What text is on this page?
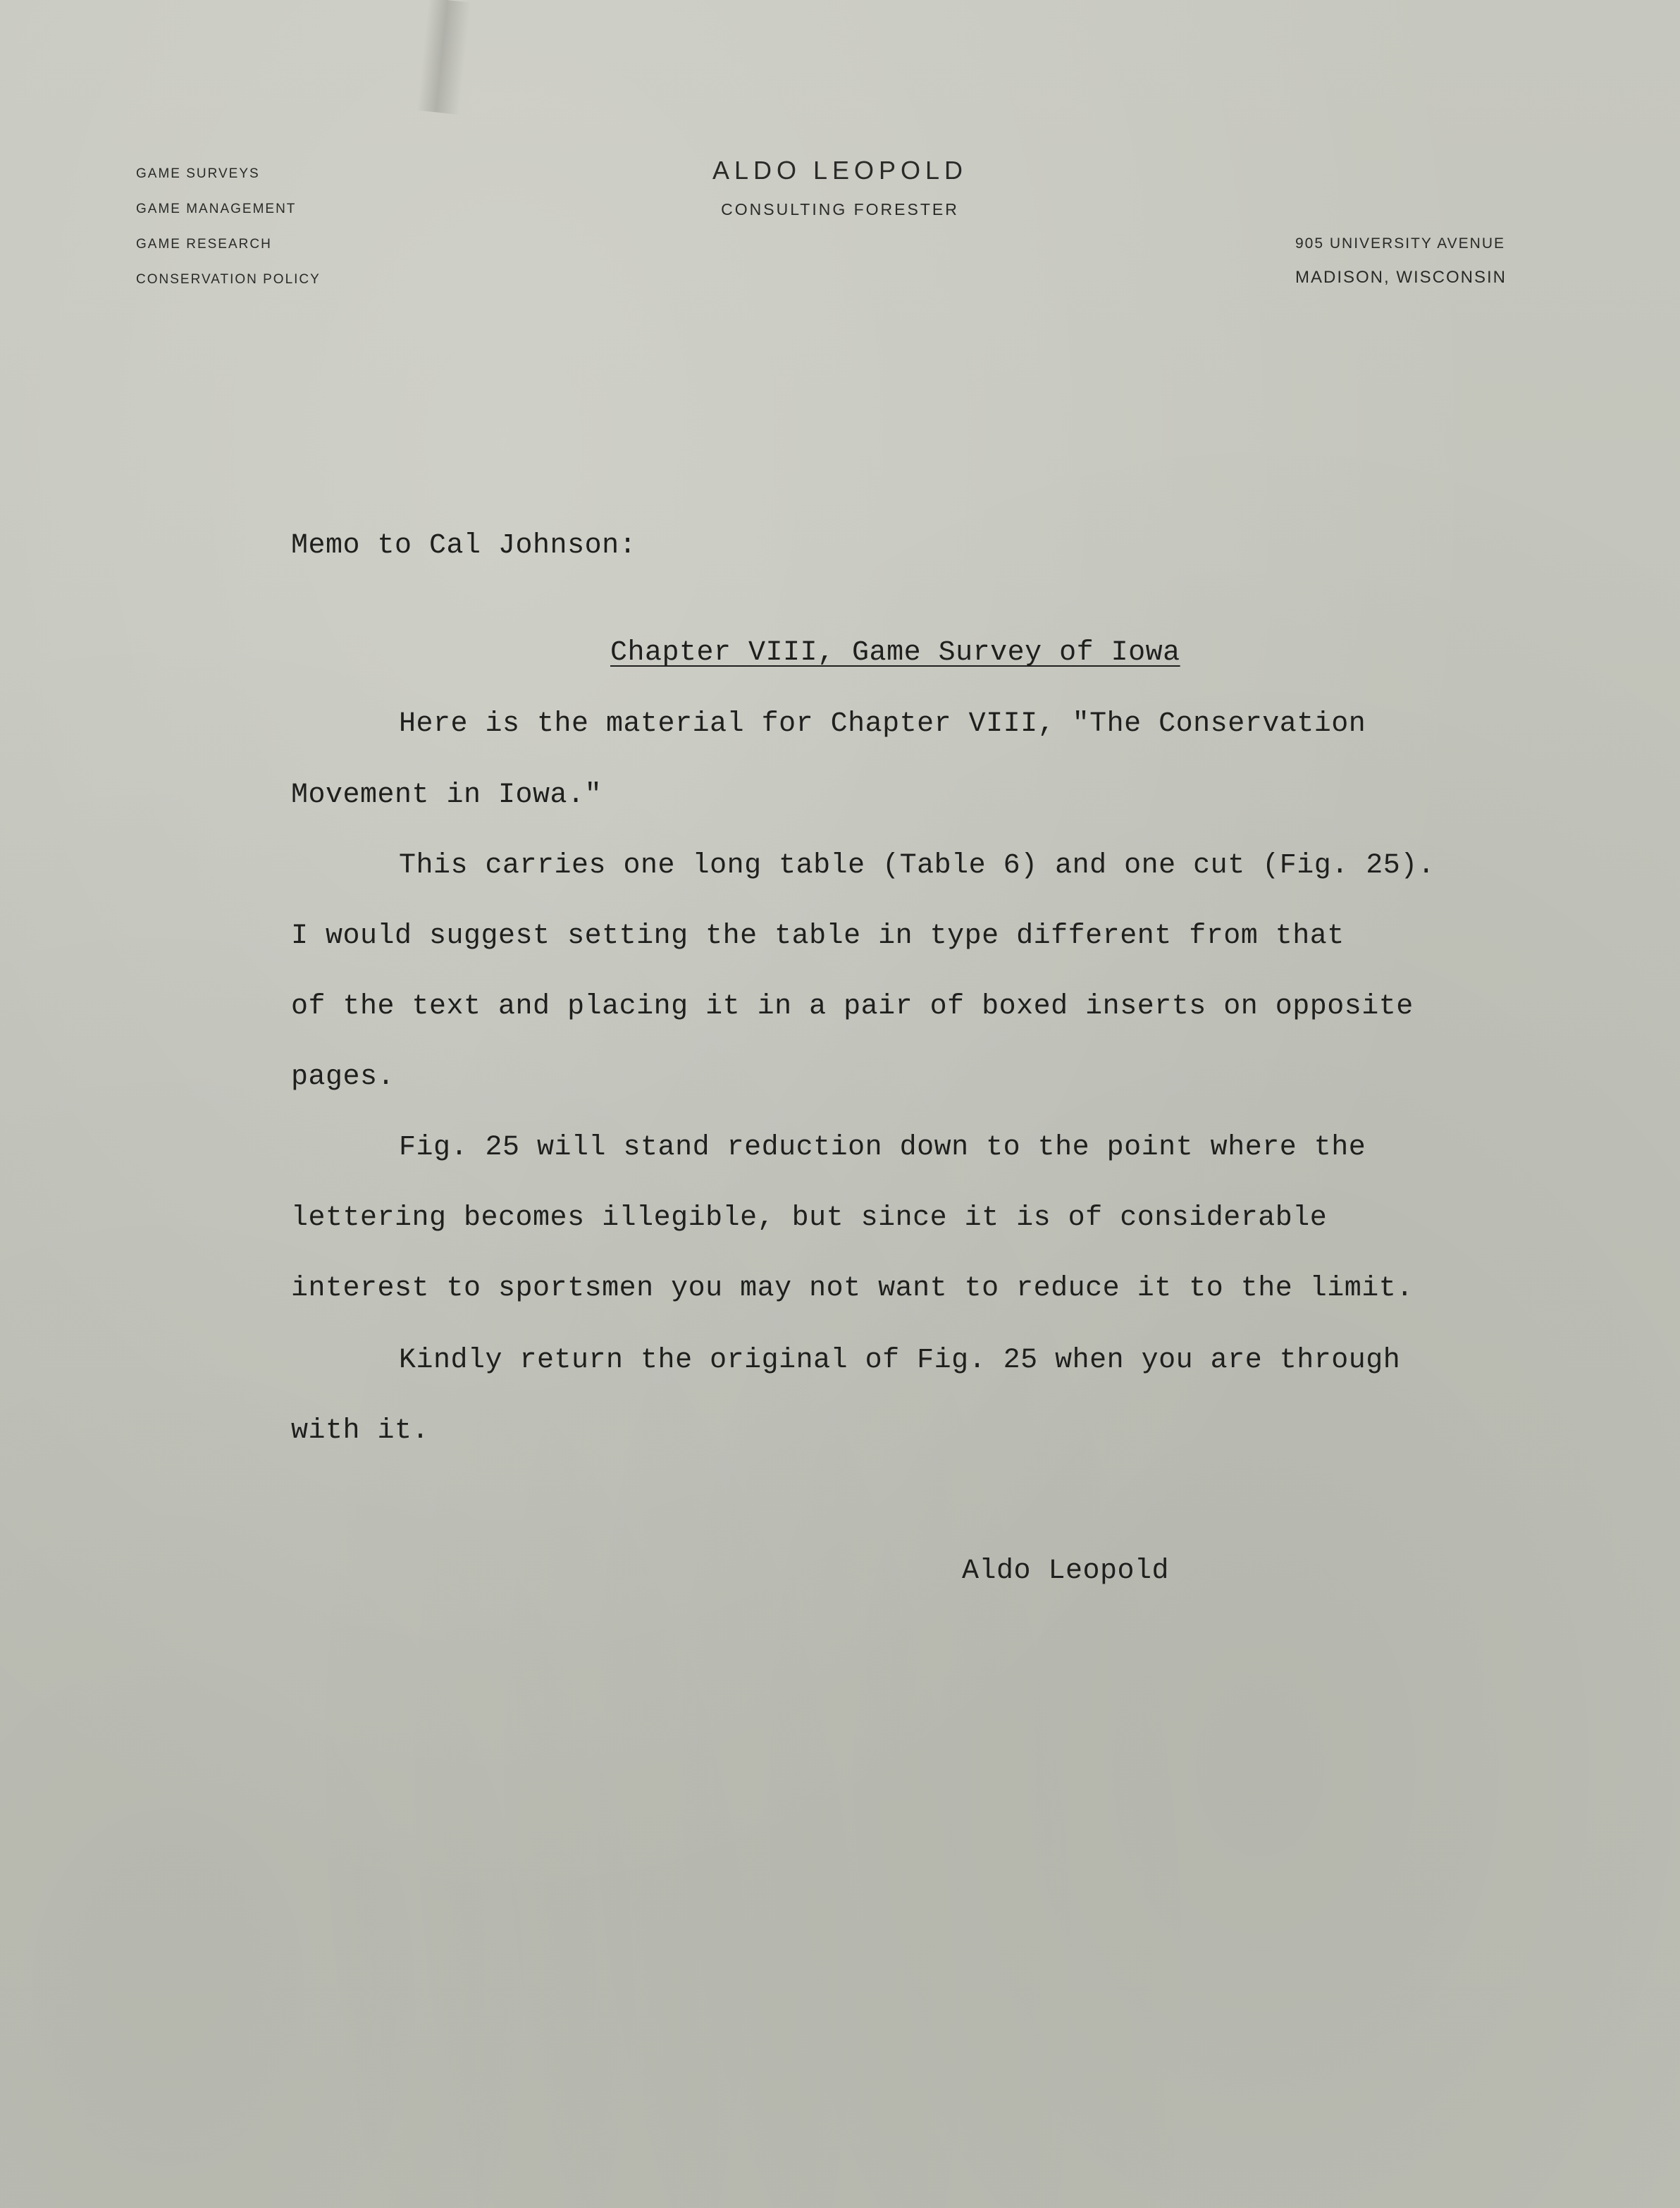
GAME SURVEYS
GAME MANAGEMENT
GAME RESEARCH
CONSERVATION POLICY
ALDO LEOPOLD
CONSULTING FORESTER
905 UNIVERSITY AVENUE
MADISON, WISCONSIN
Memo to Cal Johnson:
Chapter VIII, Game Survey of Iowa
Here is the material for Chapter VIII, "The Conservation
Movement in Iowa."
This carries one long table (Table 6) and one cut (Fig. 25).
I would suggest setting the table in type different from that
of the text and placing it in a pair of boxed inserts on opposite
pages.
Fig. 25 will stand reduction down to the point where the
lettering becomes illegible, but since it is of considerable
interest to sportsmen you may not want to reduce it to the limit.
Kindly return the original of Fig. 25 when you are through
with it.
Aldo Leopold
